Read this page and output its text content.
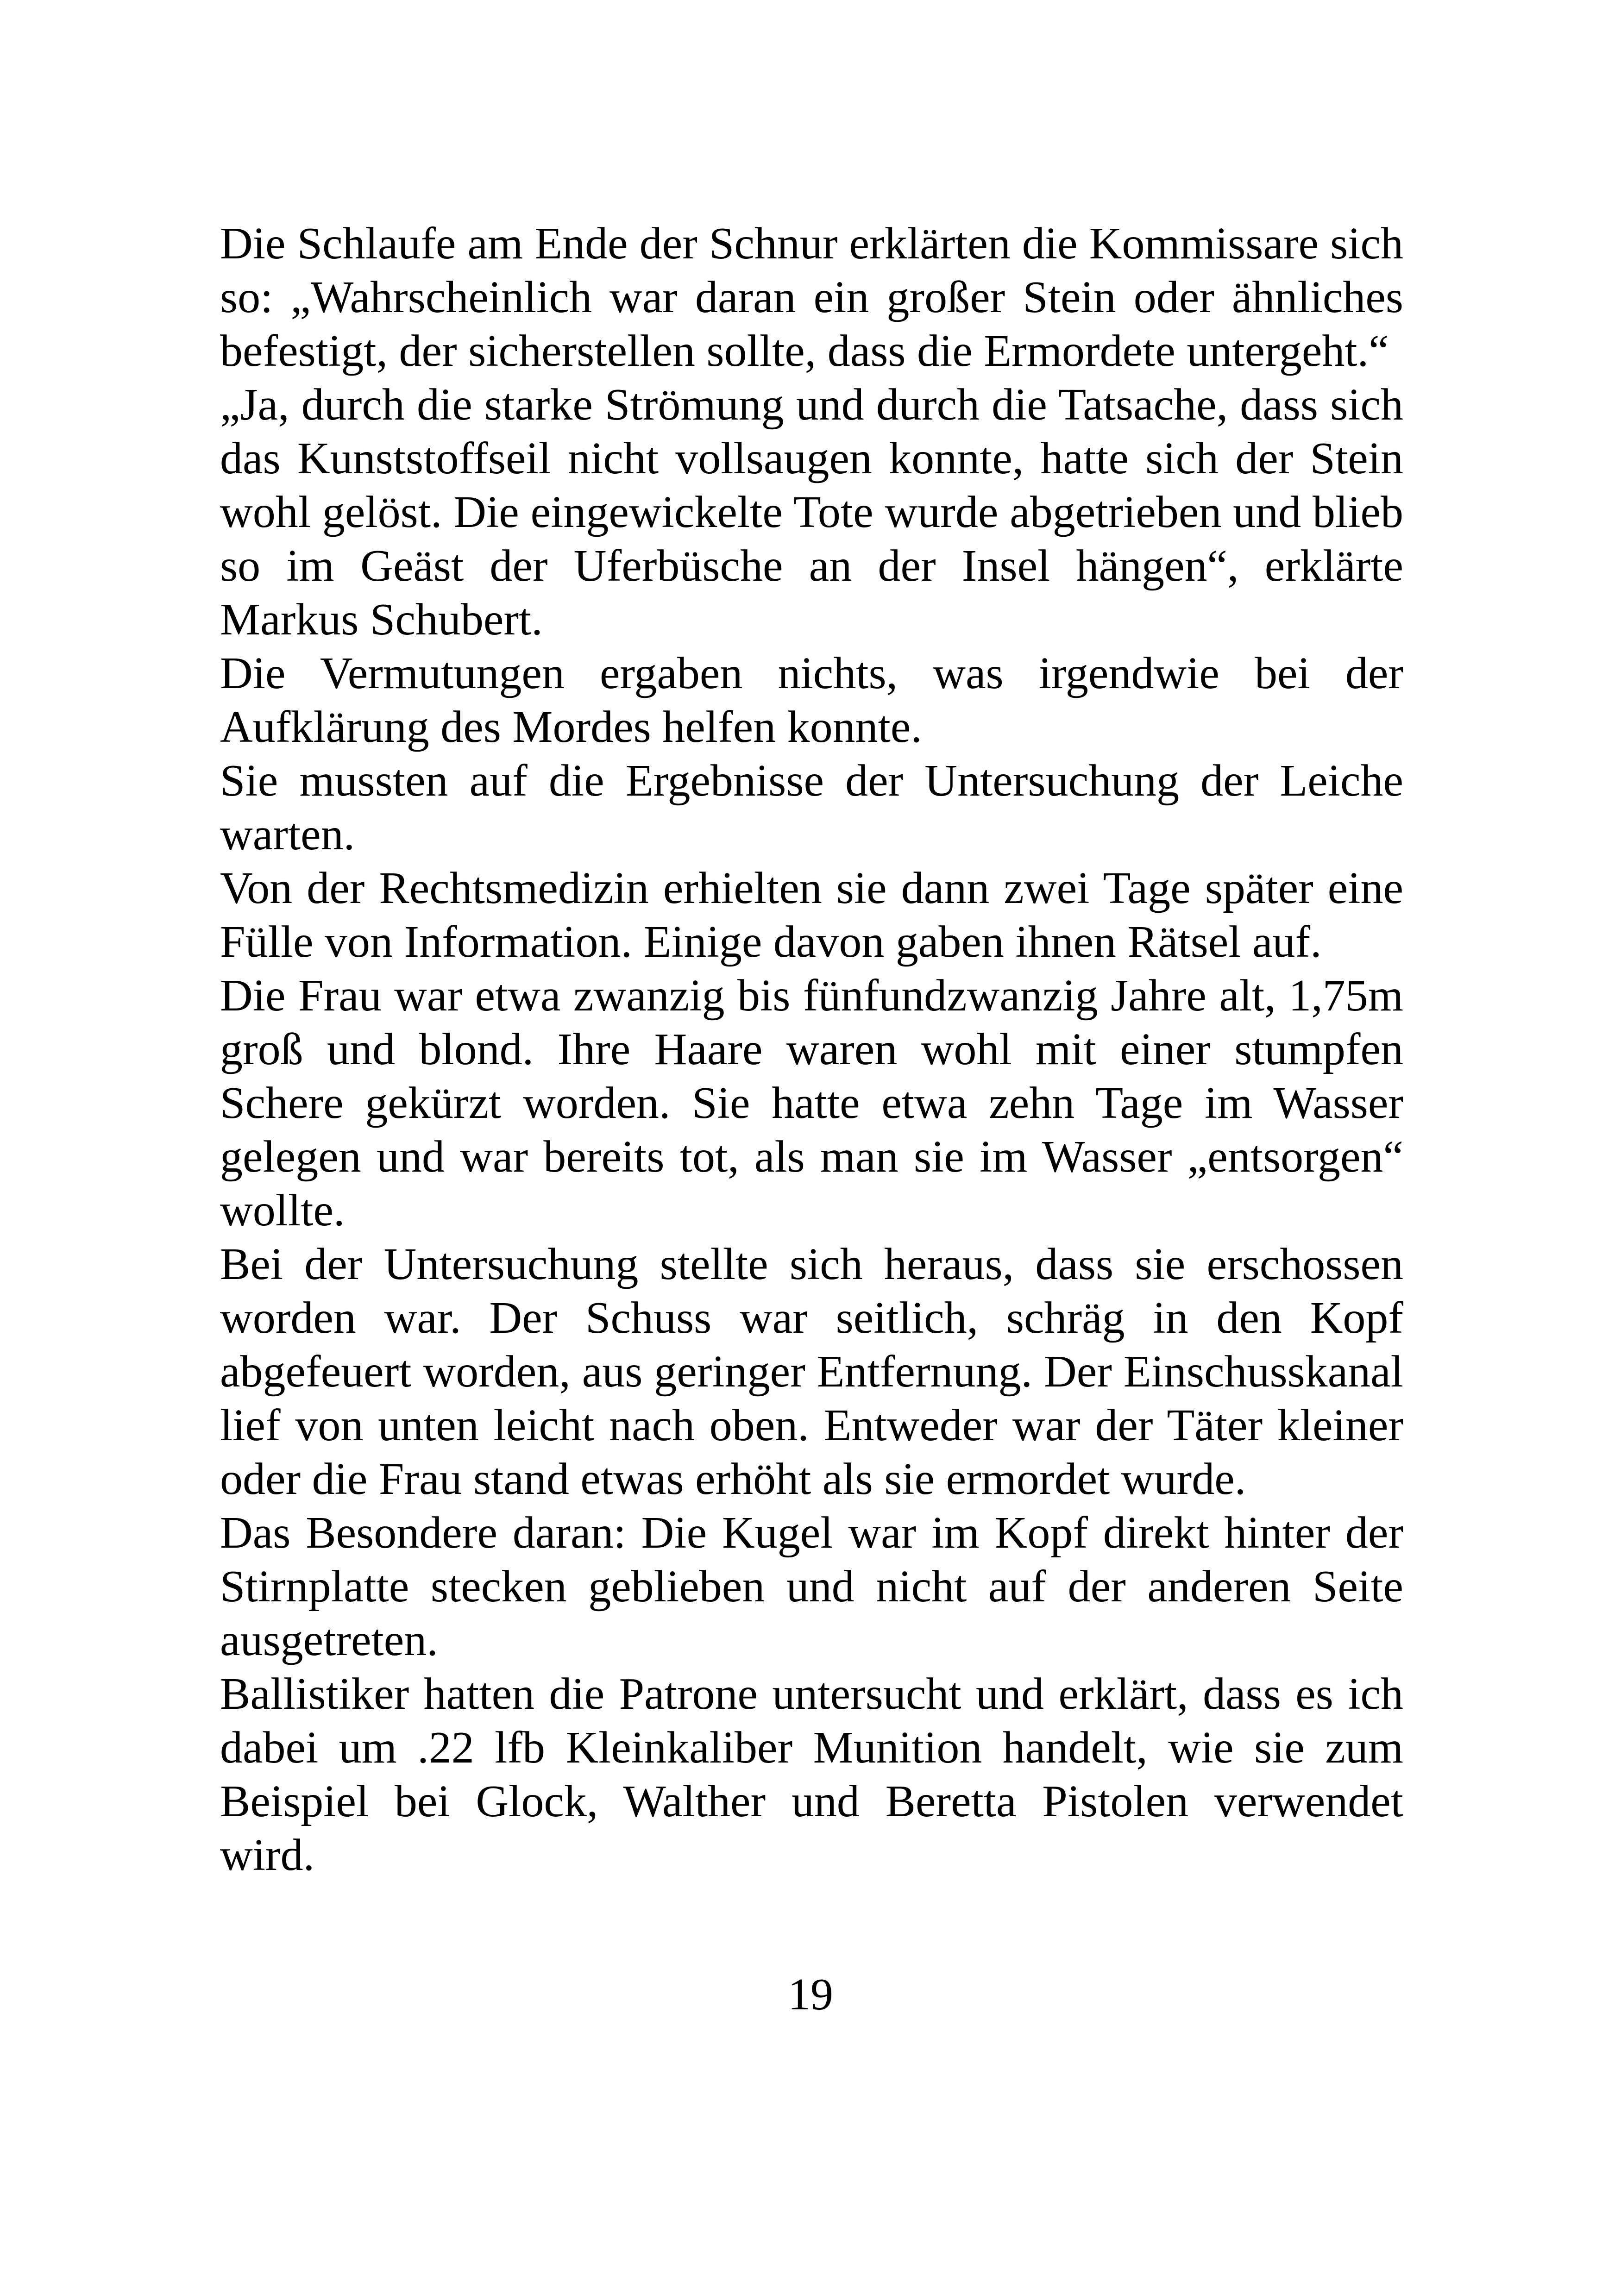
Die Schlaufe am Ende der Schnur erklärten die Kommissare sich so: „Wahrscheinlich war daran ein großer Stein oder ähnliches befestigt, der sicherstellen sollte, dass die Ermordete untergeht.“

„Ja, durch die starke Strömung und durch die Tatsache, dass sich das Kunststoffseil nicht vollsaugen konnte, hatte sich der Stein wohl gelöst. Die eingewickelte Tote wurde abgetrieben und blieb so im Geäst der Uferbüsche an der Insel hängen“, erklärte Markus Schubert.

Die Vermutungen ergaben nichts, was irgendwie bei der Aufklärung des Mordes helfen konnte.

Sie mussten auf die Ergebnisse der Untersuchung der Leiche warten.

Von der Rechtsmedizin erhielten sie dann zwei Tage später eine Fülle von Information. Einige davon gaben ihnen Rätsel auf.

Die Frau war etwa zwanzig bis fünfundzwanzig Jahre alt, 1,75m groß und blond. Ihre Haare waren wohl mit einer stumpfen Schere gekürzt worden. Sie hatte etwa zehn Tage im Wasser gelegen und war bereits tot, als man sie im Wasser „entsorgen“ wollte.

Bei der Untersuchung stellte sich heraus, dass sie erschossen worden war. Der Schuss war seitlich, schräg in den Kopf abgefeuert worden, aus geringer Entfernung. Der Einschusskanal lief von unten leicht nach oben. Entweder war der Täter kleiner oder die Frau stand etwas erhöht als sie ermordet wurde.

Das Besondere daran: Die Kugel war im Kopf direkt hinter der Stirnplatte stecken geblieben und nicht auf der anderen Seite ausgetreten.

Ballistiker hatten die Patrone untersucht und erklärt, dass es ich dabei um .22 lfb Kleinkaliber Munition handelt, wie sie zum Beispiel bei Glock, Walther und Beretta Pistolen verwendet wird.

19
